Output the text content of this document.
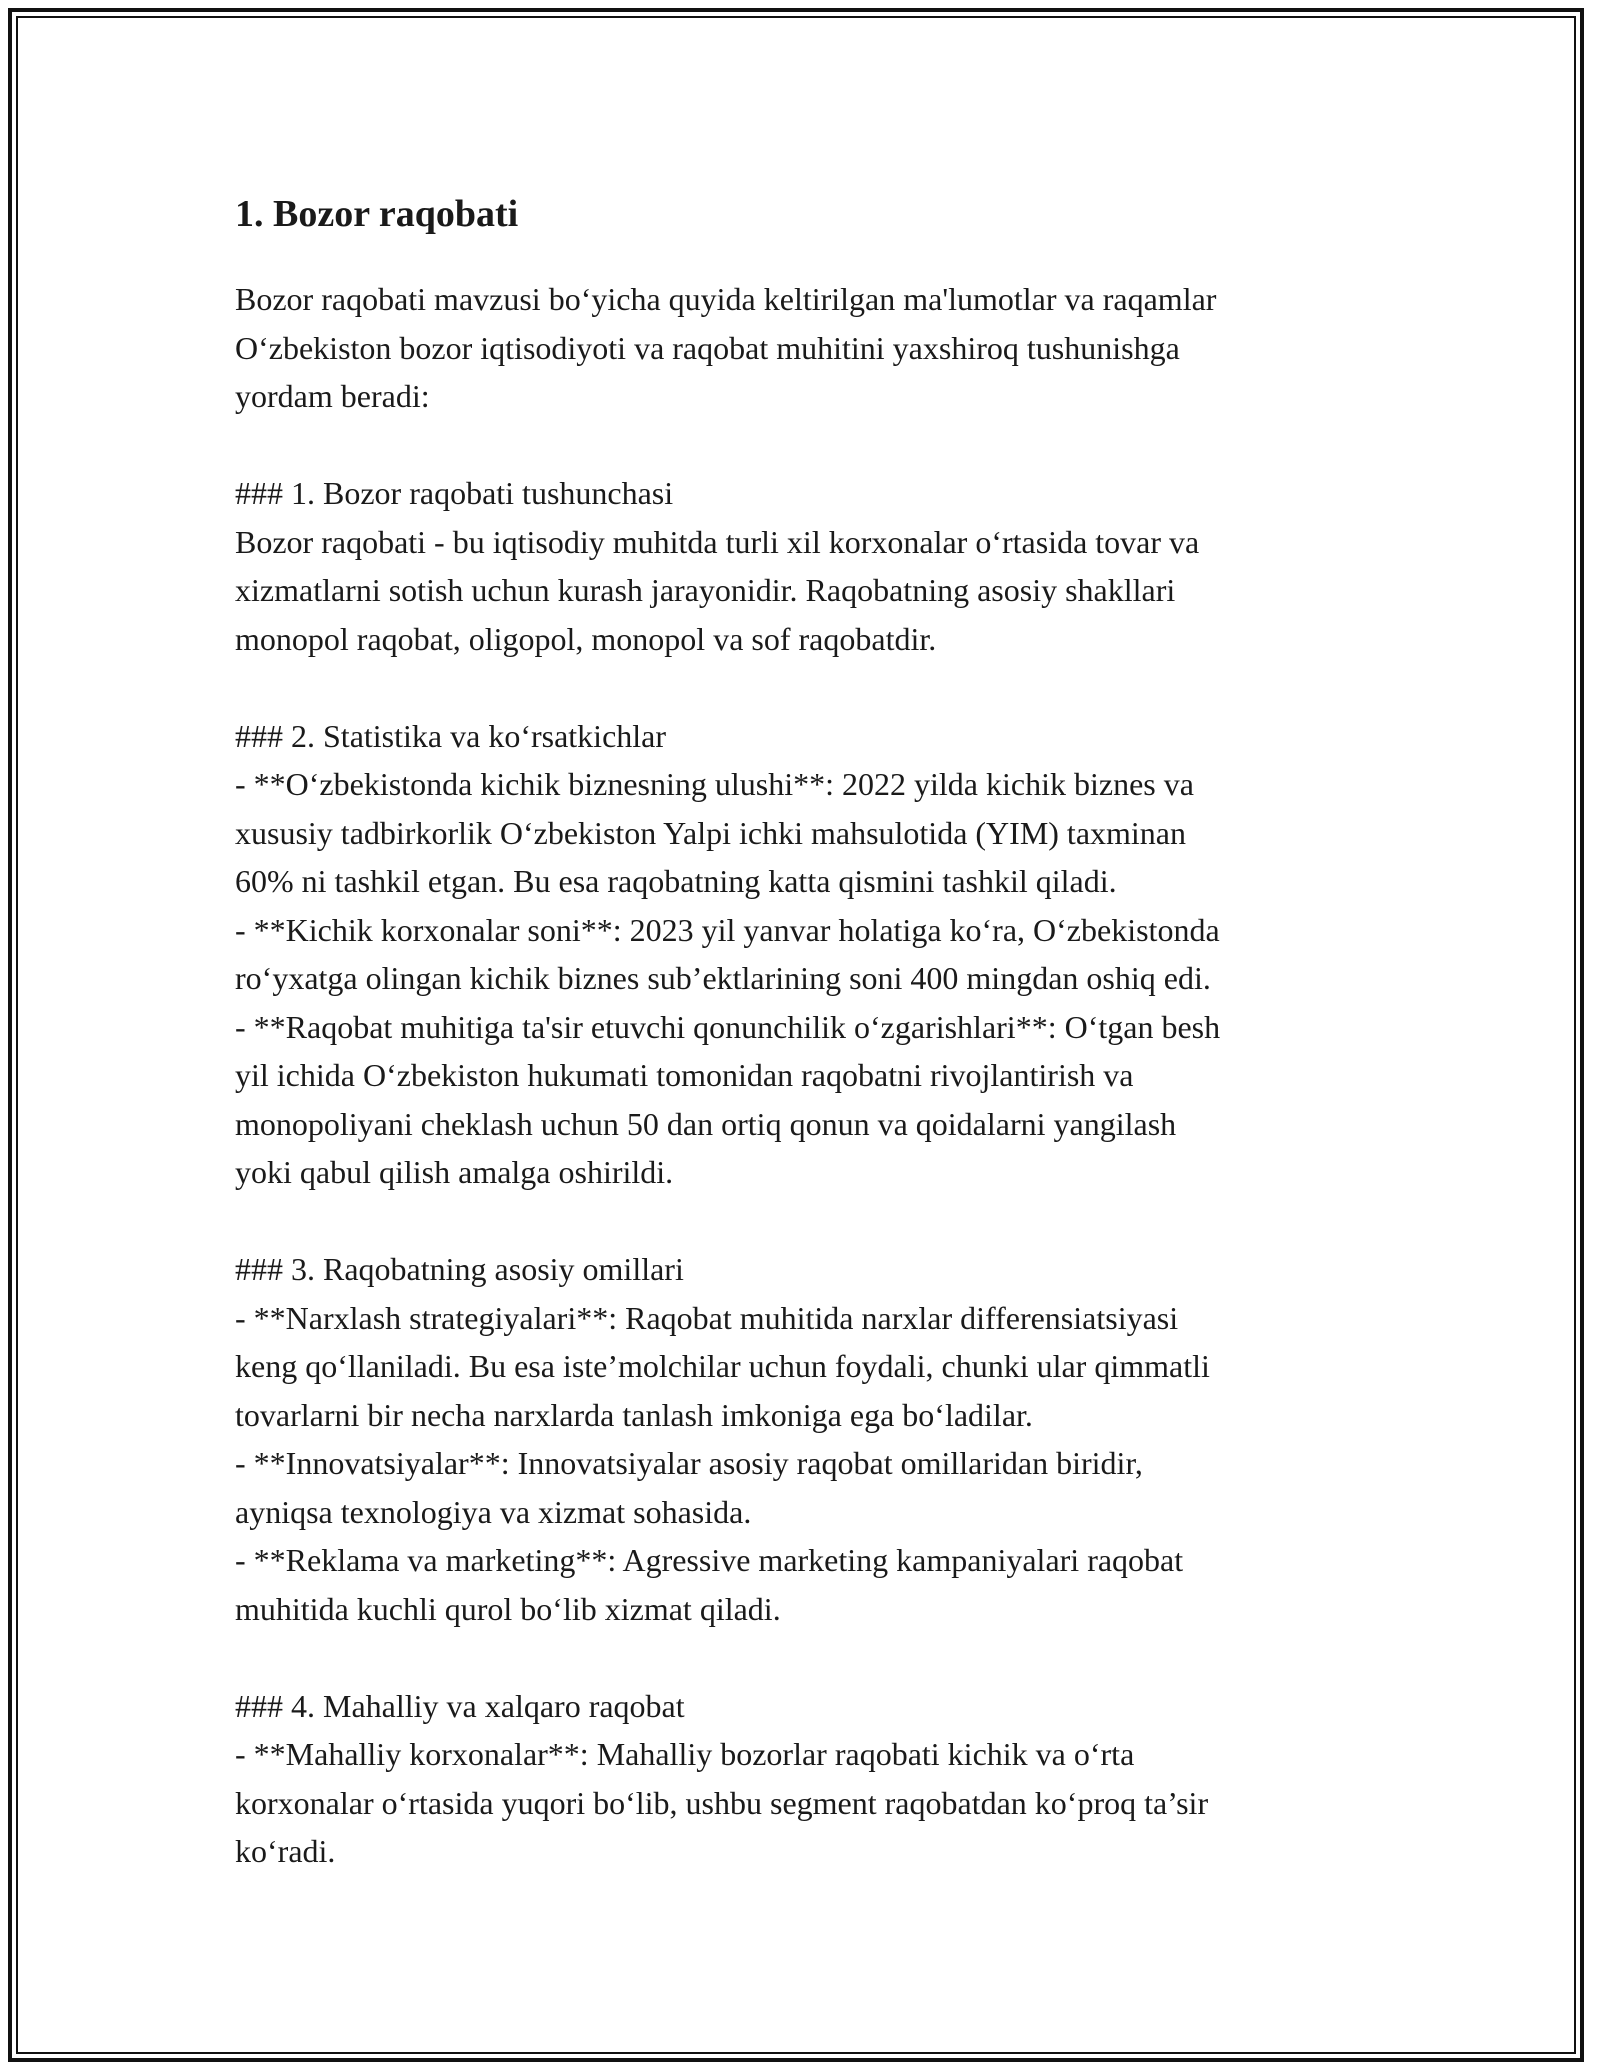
1. Bozor raqobati
Bozor raqobati mavzusi bo‘yicha quyida keltirilgan ma'lumotlar va raqamlar
O‘zbekiston bozor iqtisodiyoti va raqobat muhitini yaxshiroq tushunishga
yordam beradi:

### 1. Bozor raqobati tushunchasi
Bozor raqobati - bu iqtisodiy muhitda turli xil korxonalar o‘rtasida tovar va
xizmatlarni sotish uchun kurash jarayonidir. Raqobatning asosiy shakllari
monopol raqobat, oligopol, monopol va sof raqobatdir.

### 2. Statistika va ko‘rsatkichlar
- **O‘zbekistonda kichik biznesning ulushi**: 2022 yilda kichik biznes va
xususiy tadbirkorlik O‘zbekiston Yalpi ichki mahsulotida (YIM) taxminan
60% ni tashkil etgan. Bu esa raqobatning katta qismini tashkil qiladi.
- **Kichik korxonalar soni**: 2023 yil yanvar holatiga ko‘ra, O‘zbekistonda
ro‘yxatga olingan kichik biznes sub’ektlarining soni 400 mingdan oshiq edi.
- **Raqobat muhitiga ta'sir etuvchi qonunchilik o‘zgarishlari**: O‘tgan besh
yil ichida O‘zbekiston hukumati tomonidan raqobatni rivojlantirish va
monopoliyani cheklash uchun 50 dan ortiq qonun va qoidalarni yangilash
yoki qabul qilish amalga oshirildi.

### 3. Raqobatning asosiy omillari
- **Narxlash strategiyalari**: Raqobat muhitida narxlar differensiatsiyasi
keng qo‘llaniladi. Bu esa iste’molchilar uchun foydali, chunki ular qimmatli
tovarlarni bir necha narxlarda tanlash imkoniga ega bo‘ladilar.
- **Innovatsiyalar**: Innovatsiyalar asosiy raqobat omillaridan biridir,
ayniqsa texnologiya va xizmat sohasida.
- **Reklama va marketing**: Agressive marketing kampaniyalari raqobat
muhitida kuchli qurol bo‘lib xizmat qiladi.

### 4. Mahalliy va xalqaro raqobat
- **Mahalliy korxonalar**: Mahalliy bozorlar raqobati kichik va o‘rta
korxonalar o‘rtasida yuqori bo‘lib, ushbu segment raqobatdan ko‘proq ta’sir
ko‘radi.
